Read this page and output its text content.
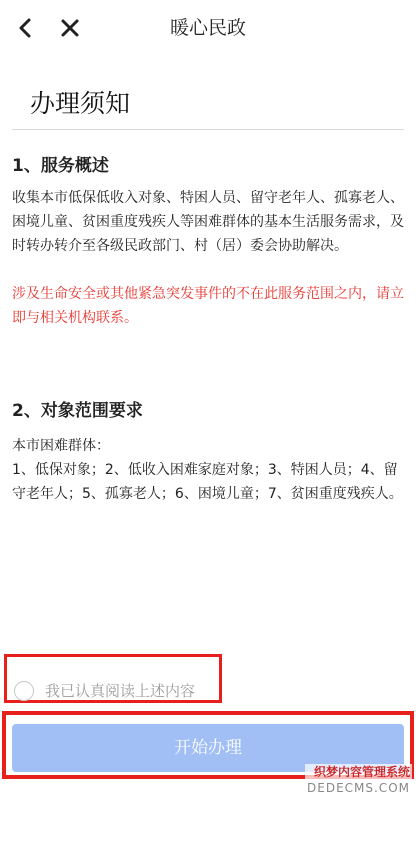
暖心民政
办理须知
1、服务概述
收集本市低保低收入对象、特困人员、留守老年人、孤寡老人、困境儿童、贫困重度残疾人等困难群体的基本生活服务需求，及时转办转介至各级民政部门、村（居）委会协助解决。
涉及生命安全或其他紧急突发事件的不在此服务范围之内，请立即与相关机构联系。
2、对象范围要求
本市困难群体：
1、低保对象；2、低收入困难家庭对象；3、特困人员；4、留守老年人；5、孤寡老人；6、困境儿童；7、贫困重度残疾人。
我已认真阅读上述内容
开始办理
织梦内容管理系统
DEDECMS.COM
